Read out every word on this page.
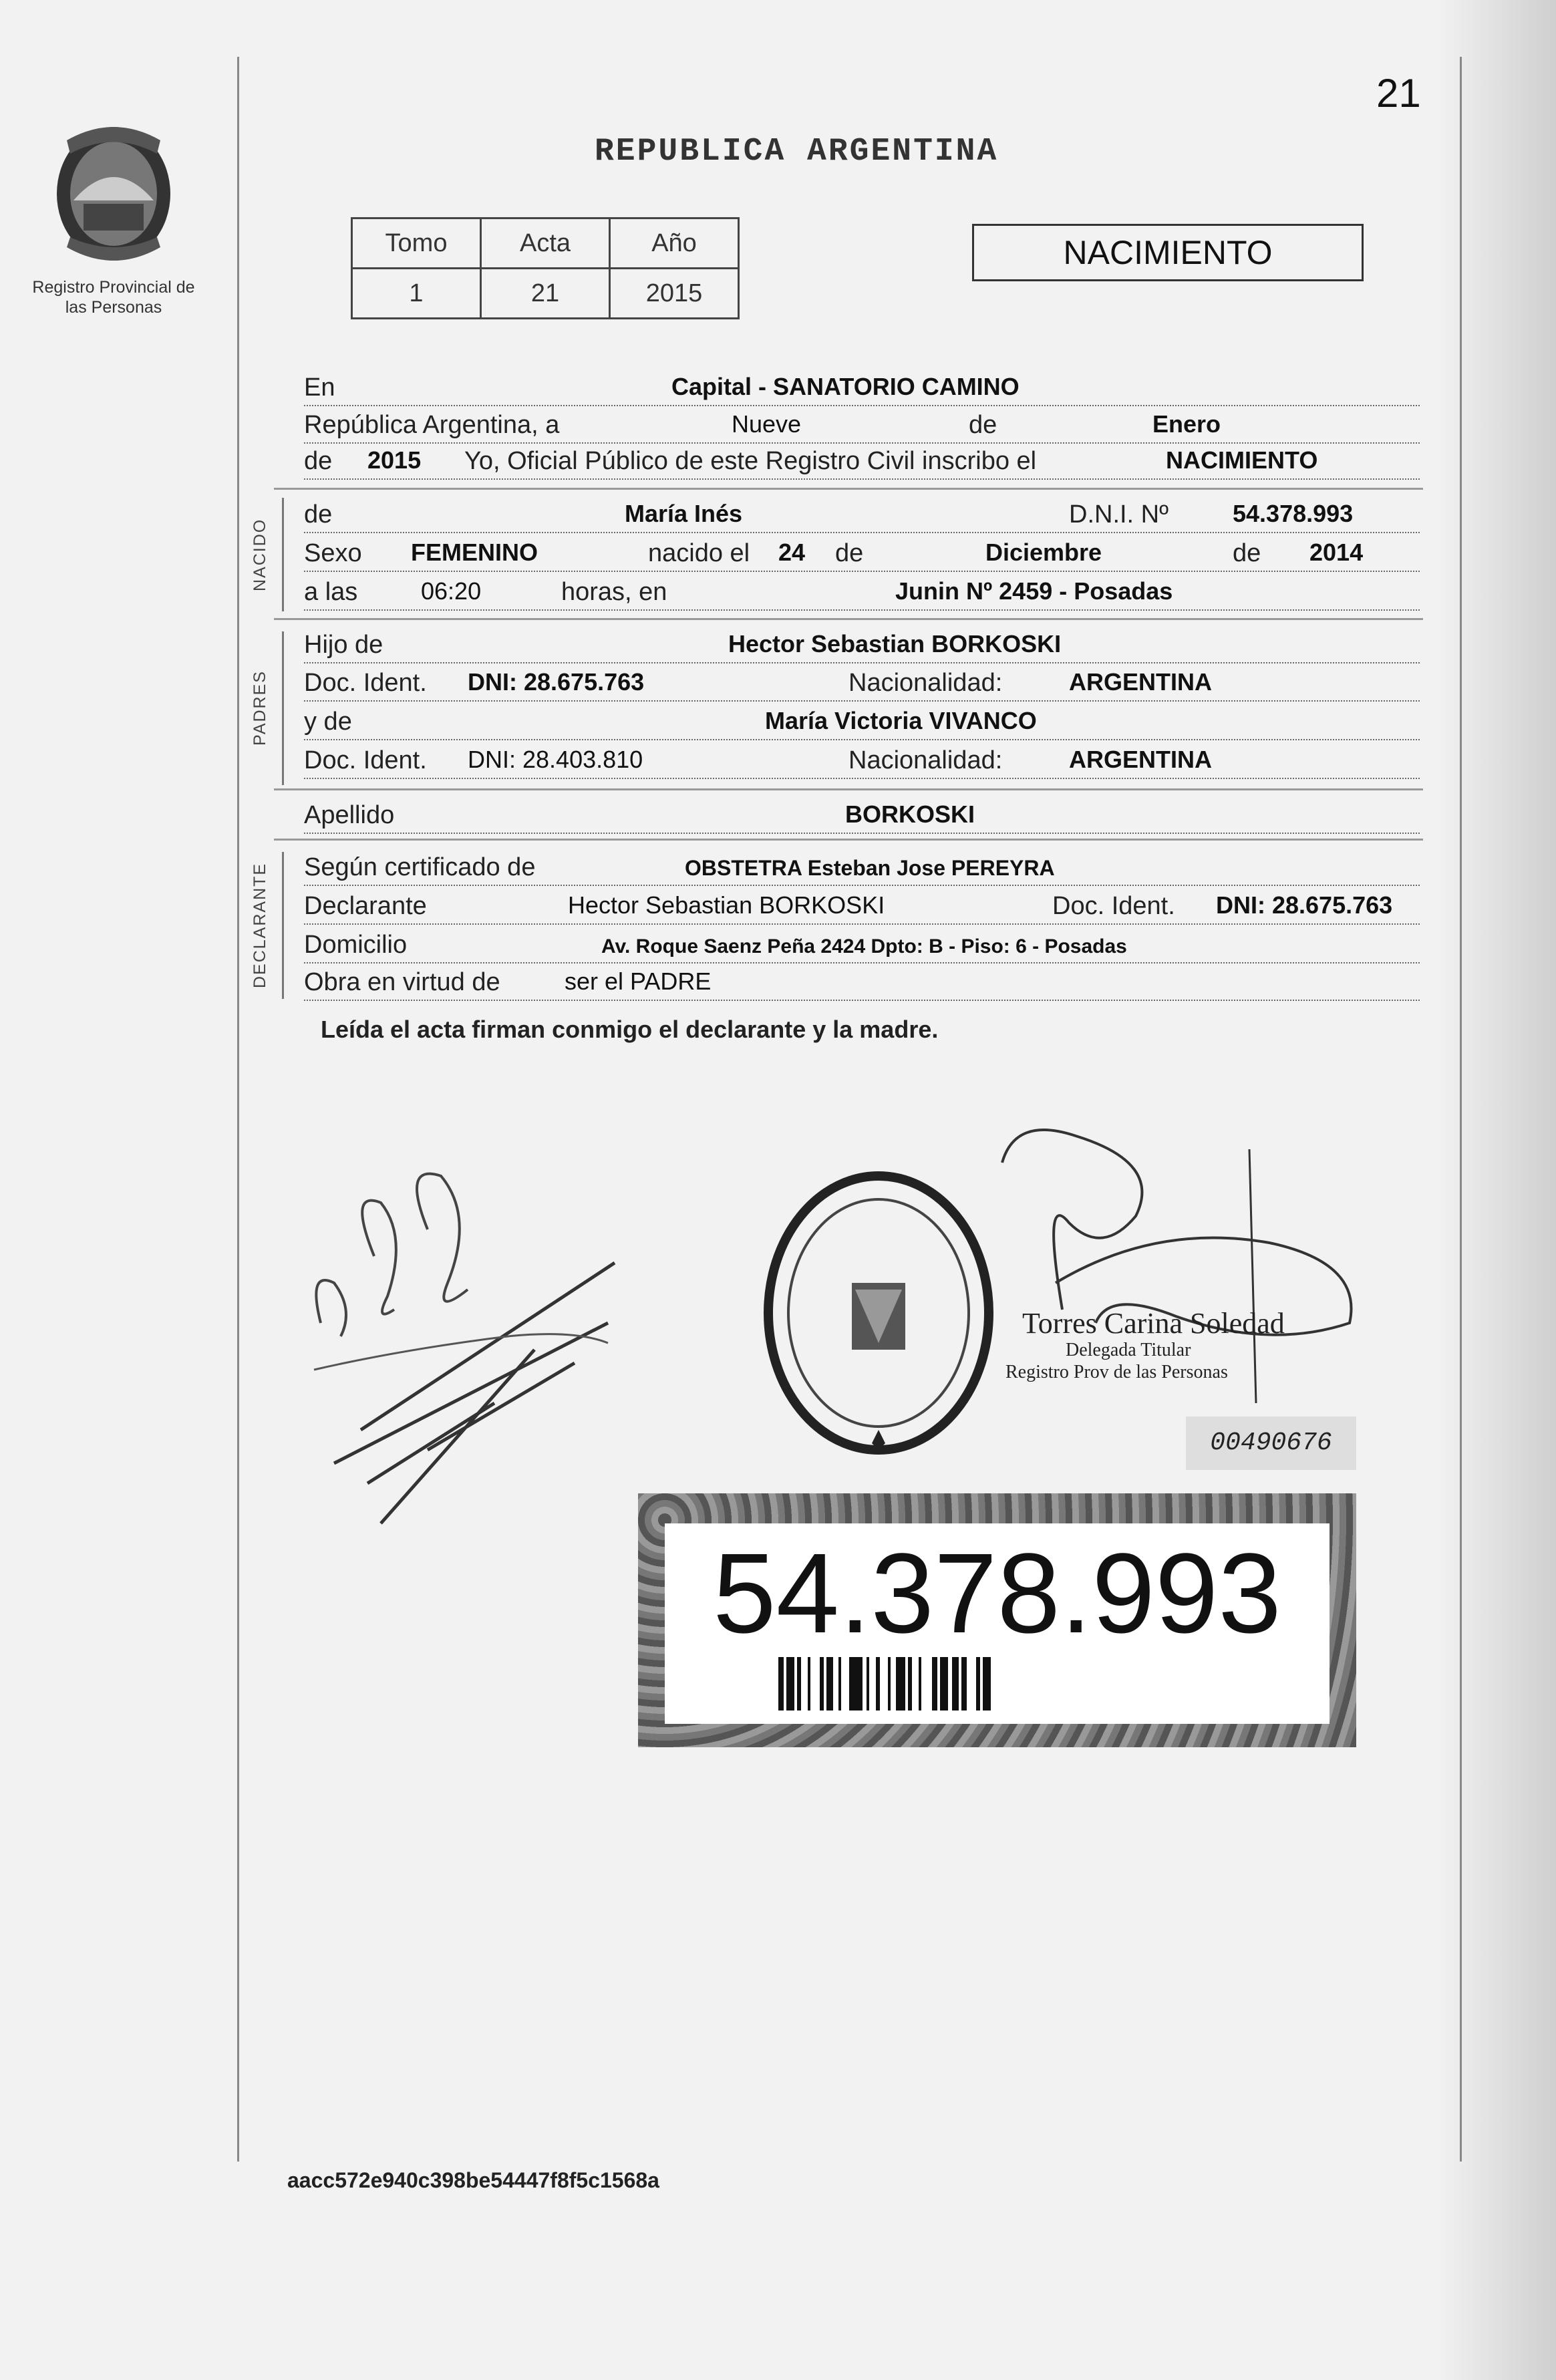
Registro Provincial de las Personas
21
REPUBLICA ARGENTINA
Tomo	Acta	Año
1	21	2015
NACIMIENTO
En	Capital - SANATORIO CAMINO
República Argentina, a	Nueve	de	Enero
de 2015 Yo, Oficial Público de este Registro Civil inscribo el	NACIMIENTO
NACIDO
de	María Inés	D.N.I. Nº	54.378.993
Sexo FEMENINO	nacido el 24 de	Diciembre	de 2014
a las	06:20	horas, en	Junin Nº 2459 - Posadas
PADRES
Hijo de	Hector Sebastian BORKOSKI
Doc. Ident. DNI: 28.675.763	Nacionalidad:	ARGENTINA
y de	María Victoria VIVANCO
Doc. Ident. DNI: 28.403.810	Nacionalidad:	ARGENTINA
Apellido	BORKOSKI
DECLARANTE	Según certificado de	OBSTETRA Esteban Jose PEREYRA
Declarante	Hector Sebastian BORKOSKI	Doc. Ident. DNI: 28.675.763
Domicilio	Av. Roque Saenz Peña 2424 Dpto: B - Piso: 6 - Posadas
Obra en virtud de	ser el PADRE
Leída el acta firman conmigo el declarante y la madre.
Torres Carina Soledad
Delegada Titular
Registro Prov de las Personas
00490676
54.378.993
aacc572e940c398be54447f8f5c1568a
